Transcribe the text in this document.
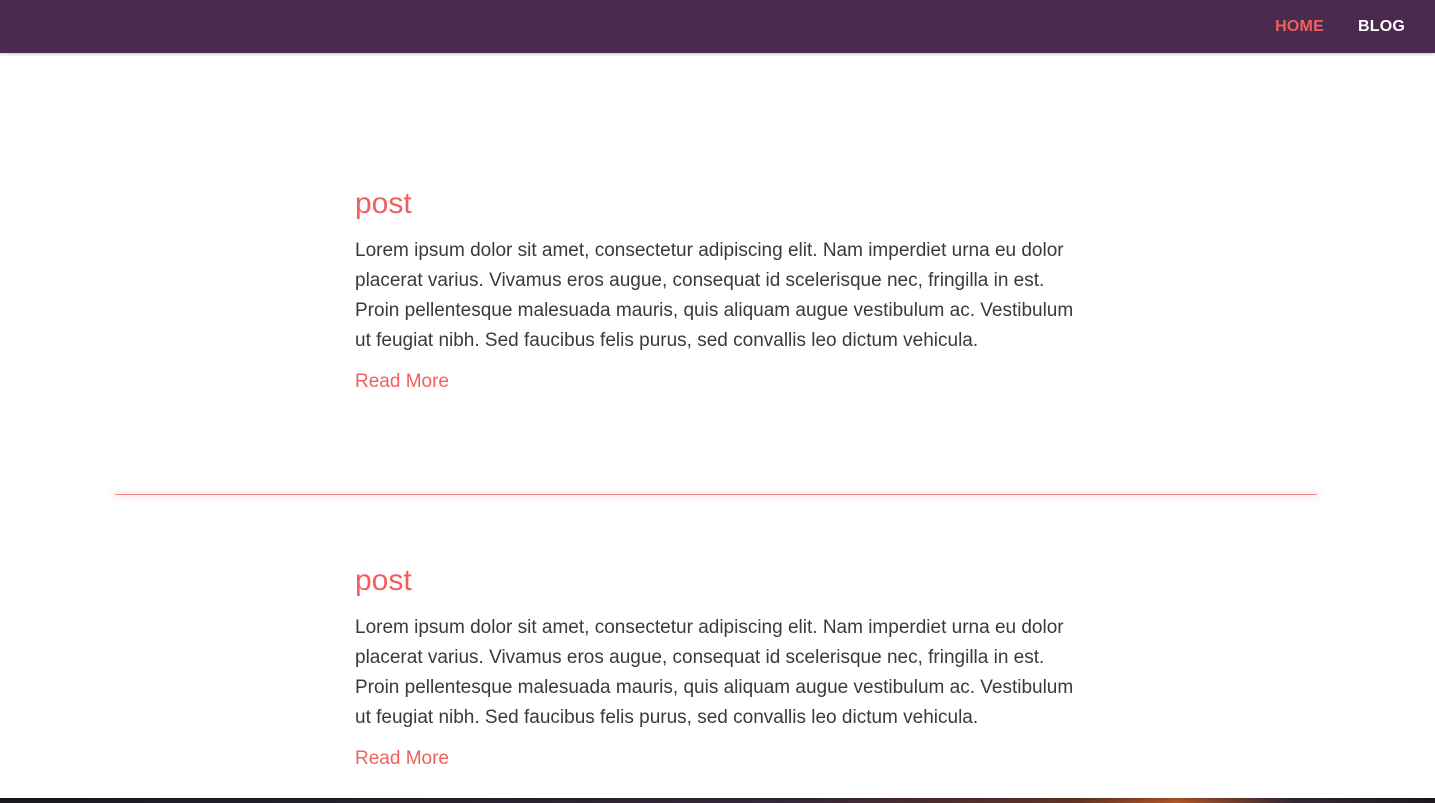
post

Lorem ipsum dolor sit amet, consectetur adipiscing elit. Nam imperdiet urna eu dolor placerat varius. Vivamus eros augue, consequat id scelerisque nec, fringilla in est. Proin pellentesque malesuada mauris, quis aliquam augue vestibulum ac. Vestibulum ut feugiat nibh. Sed faucibus felis purus, sed convallis leo dictum vehicula.

Read More
post

Lorem ipsum dolor sit amet, consectetur adipiscing elit. Nam imperdiet urna eu dolor placerat varius. Vivamus eros augue, consequat id scelerisque nec, fringilla in est. Proin pellentesque malesuada mauris, quis aliquam augue vestibulum ac. Vestibulum ut feugiat nibh. Sed faucibus felis purus, sed convallis leo dictum vehicula.

Read More
HOME BLOG
